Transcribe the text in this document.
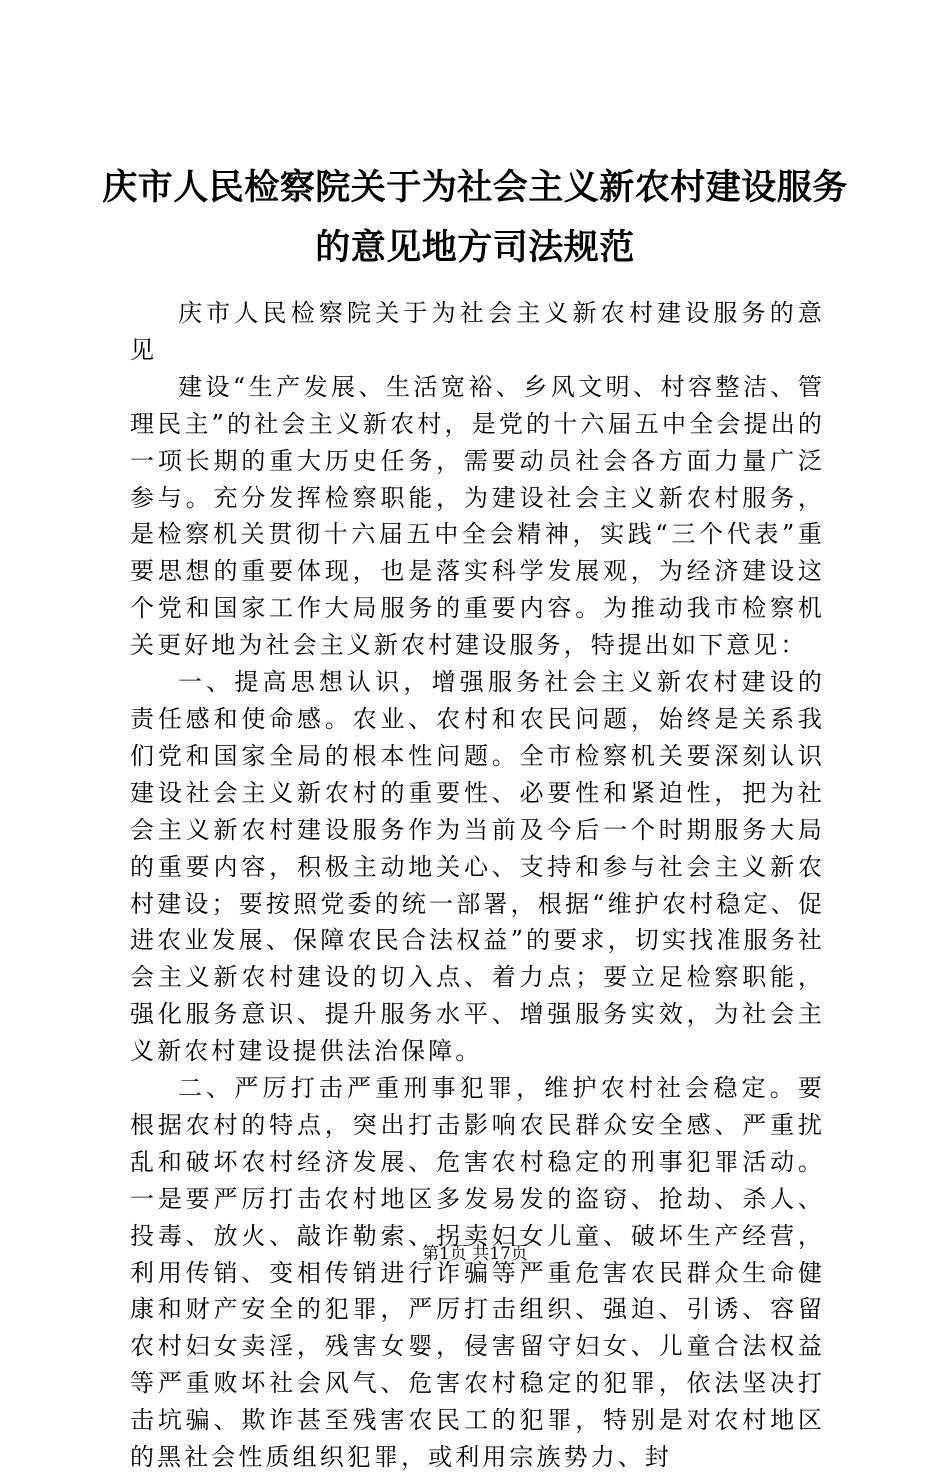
庆市人民检察院关于为社会主义新农村建设服务的意见地方司法规范

庆市人民检察院关于为社会主义新农村建设服务的意见

建设“生产发展、生活宽裕、乡风文明、村容整洁、管理民主”的社会主义新农村，是党的十六届五中全会提出的一项长期的重大历史任务，需要动员社会各方面力量广泛参与。充分发挥检察职能，为建设社会主义新农村服务，是检察机关贯彻十六届五中全会精神，实践“三个代表”重要思想的重要体现，也是落实科学发展观，为经济建设这个党和国家工作大局服务的重要内容。为推动我市检察机关更好地为社会主义新农村建设服务，特提出如下意见：

一、提高思想认识，增强服务社会主义新农村建设的责任感和使命感。农业、农村和农民问题，始终是关系我们党和国家全局的根本性问题。全市检察机关要深刻认识建设社会主义新农村的重要性、必要性和紧迫性，把为社会主义新农村建设服务作为当前及今后一个时期服务大局的重要内容，积极主动地关心、支持和参与社会主义新农村建设；要按照党委的统一部署，根据“维护农村稳定、促进农业发展、保障农民合法权益”的要求，切实找准服务社会主义新农村建设的切入点、着力点；要立足检察职能，强化服务意识、提升服务水平、增强服务实效，为社会主义新农村建设提供法治保障。

二、严厉打击严重刑事犯罪，维护农村社会稳定。要根据农村的特点，突出打击影响农民群众安全感、严重扰乱和破坏农村经济发展、危害农村稳定的刑事犯罪活动。一是要严厉打击农村地区多发易发的盗窃、抢劫、杀人、投毒、放火、敲诈勒索、拐卖妇女儿童、破坏生产经营，利用传销、变相传销进行诈骗等严重危害农民群众生命健康和财产安全的犯罪，严厉打击组织、强迫、引诱、容留农村妇女卖淫，残害女婴，侵害留守妇女、儿童合法权益等严重败坏社会风气、危害农村稳定的犯罪，依法坚决打击坑骗、欺诈甚至残害农民工的犯罪，特别是对农村地区的黑社会性质组织犯罪，或利用宗族势力、封

第1页 共17页
